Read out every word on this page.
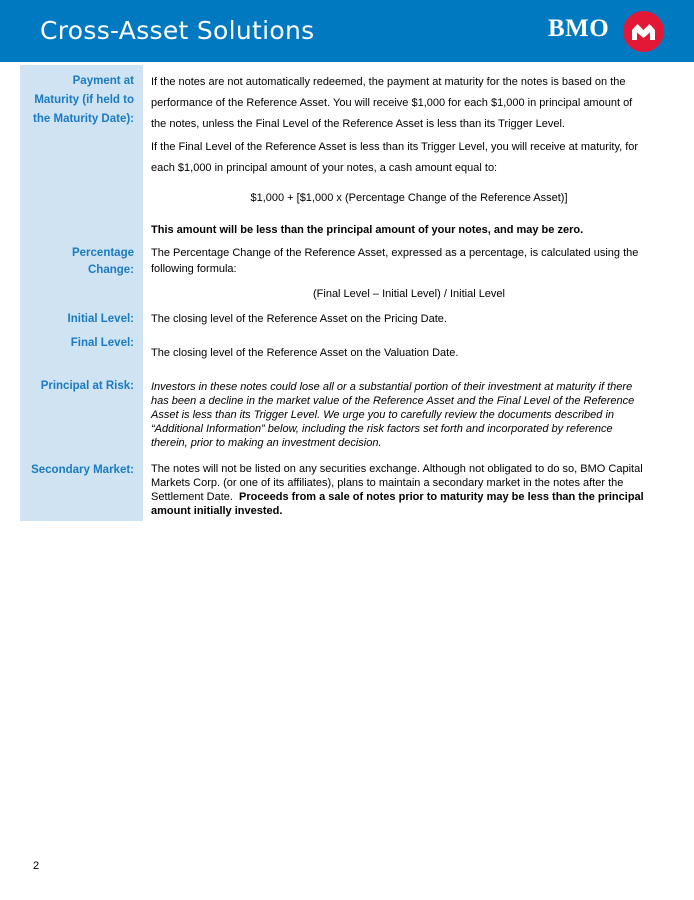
Cross-Asset Solutions	BMO
Payment at
Maturity (if held to
the Maturity Date):
If the notes are not automatically redeemed, the payment at maturity for the notes is based on the
performance of the Reference Asset. You will receive $1,000 for each $1,000 in principal amount of
the notes, unless the Final Level of the Reference Asset is less than its Trigger Level.
If the Final Level of the Reference Asset is less than its Trigger Level, you will receive at maturity, for
each $1,000 in principal amount of your notes, a cash amount equal to:
$1,000 + [$1,000 x (Percentage Change of the Reference Asset)]
This amount will be less than the principal amount of your notes, and may be zero.
Percentage
Change:
The Percentage Change of the Reference Asset, expressed as a percentage, is calculated using the
following formula:
(Final Level – Initial Level) / Initial Level
Initial Level: The closing level of the Reference Asset on the Pricing Date.
Final Level:
The closing level of the Reference Asset on the Valuation Date.
Principal at Risk: Investors in these notes could lose all or a substantial portion of their investment at maturity if there
has been a decline in the market value of the Reference Asset and the Final Level of the Reference
Asset is less than its Trigger Level. We urge you to carefully review the documents described in
“Additional Information” below, including the risk factors set forth and incorporated by reference
therein, prior to making an investment decision.
Secondary Market: The notes will not be listed on any securities exchange. Although not obligated to do so, BMO Capital
Markets Corp. (or one of its affiliates), plans to maintain a secondary market in the notes after the
Settlement Date.  Proceeds from a sale of notes prior to maturity may be less than the principal
amount initially invested.
2
